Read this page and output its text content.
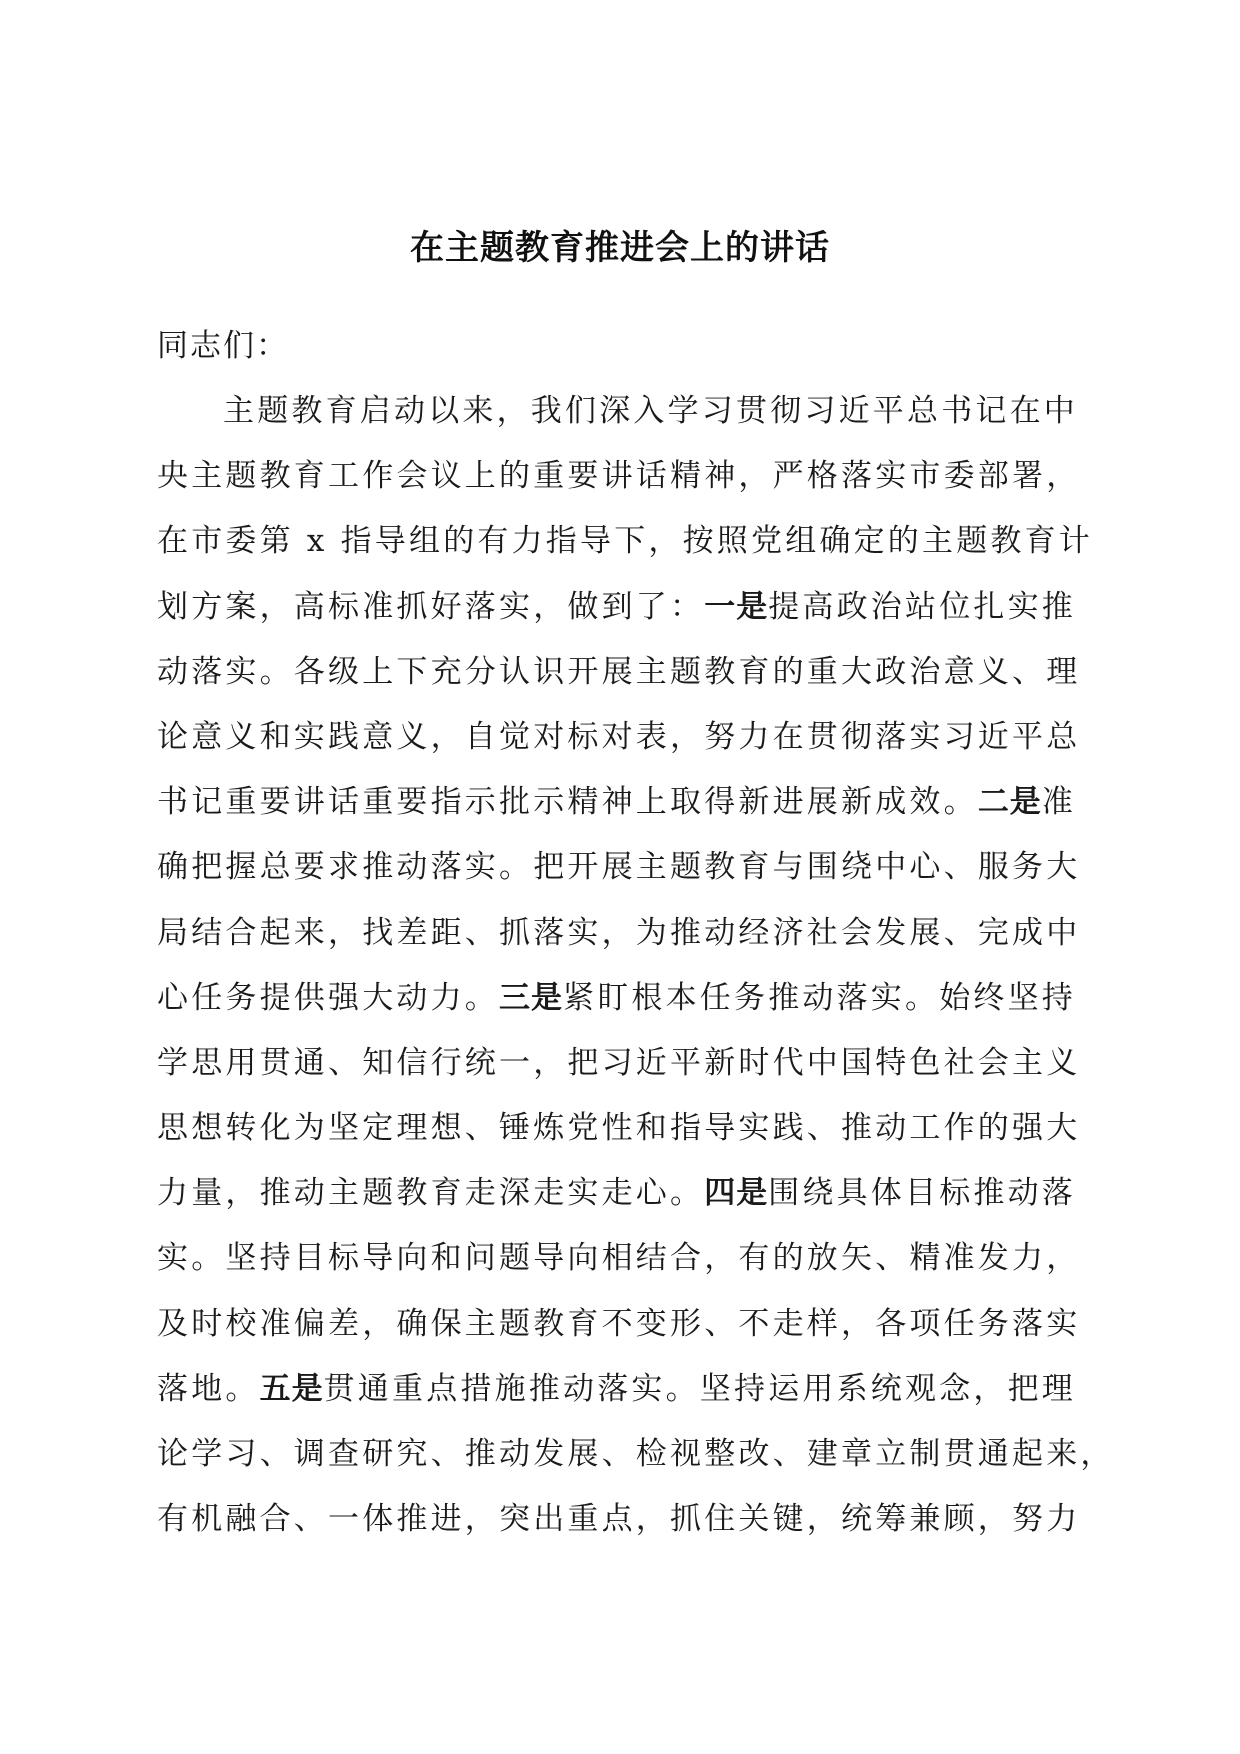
在主题教育推进会上的讲话
同志们：
主题教育启动以来，我们深入学习贯彻习近平总书记在中
央主题教育工作会议上的重要讲话精神，严格落实市委部署，
在市委第 x 指导组的有力指导下，按照党组确定的主题教育计
划方案，高标准抓好落实，做到了：一是提高政治站位扎实推
动落实。各级上下充分认识开展主题教育的重大政治意义、理
论意义和实践意义，自觉对标对表，努力在贯彻落实习近平总
书记重要讲话重要指示批示精神上取得新进展新成效。二是准
确把握总要求推动落实。把开展主题教育与围绕中心、服务大
局结合起来，找差距、抓落实，为推动经济社会发展、完成中
心任务提供强大动力。三是紧盯根本任务推动落实。始终坚持
学思用贯通、知信行统一，把习近平新时代中国特色社会主义
思想转化为坚定理想、锤炼党性和指导实践、推动工作的强大
力量，推动主题教育走深走实走心。四是围绕具体目标推动落
实。坚持目标导向和问题导向相结合，有的放矢、精准发力，
及时校准偏差，确保主题教育不变形、不走样，各项任务落实
落地。五是贯通重点措施推动落实。坚持运用系统观念，把理
论学习、调查研究、推动发展、检视整改、建章立制贯通起来，
有机融合、一体推进，突出重点，抓住关键，统筹兼顾，努力
